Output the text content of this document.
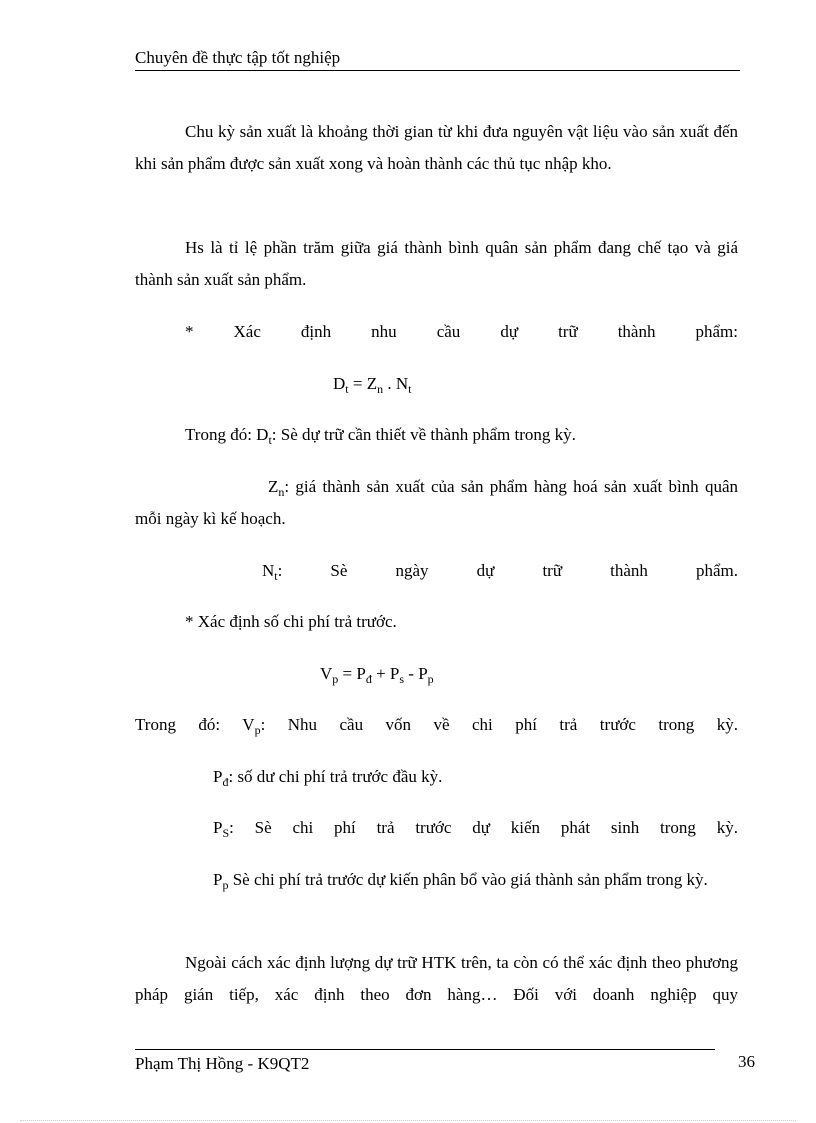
Chuyên đề thực tập tốt nghiệp

Chu kỳ sản xuất là khoảng thời gian từ khi đưa nguyên vật liệu vào sản xuất đến khi sản phẩm được sản xuất xong và hoàn thành các thủ tục nhập kho.

Hs là tỉ lệ phần trăm giữa giá thành bình quân sản phẩm đang chế tạo và giá thành sản xuất sản phẩm.

* Xác định nhu cầu dự trữ thành phẩm:

$D_t = Z_n$ . $N_t$

Trong đó: $D_t$: Sè dự trữ cần thiết về thành phẩm trong kỳ.

$Z_n$: giá thành sản xuất của sản phẩm hàng hoá sản xuất bình quân mỗi ngày kì kế hoạch.

$N_t$: Sè ngày dự trữ thành phẩm.

* Xác định số chi phí trả trước.

$V_p = P_đ + P_s - P_p$

Trong đó: $V_p$: Nhu cầu vốn về chi phí trả trước trong kỳ.

$P_đ$: số dư chi phí trả trước đầu kỳ.

$P_S$: Sè chi phí trả trước dự kiến phát sinh trong kỳ.

$P_p$ Sè chi phí trả trước dự kiến phân bổ vào giá thành sản phẩm trong kỳ.

Ngoài cách xác định lượng dự trữ HTK trên, ta còn có thể xác định theo phương pháp gián tiếp, xác định theo đơn hàng… Đối với doanh nghiệp quy

Phạm Thị Hồng - K9QT2	36
